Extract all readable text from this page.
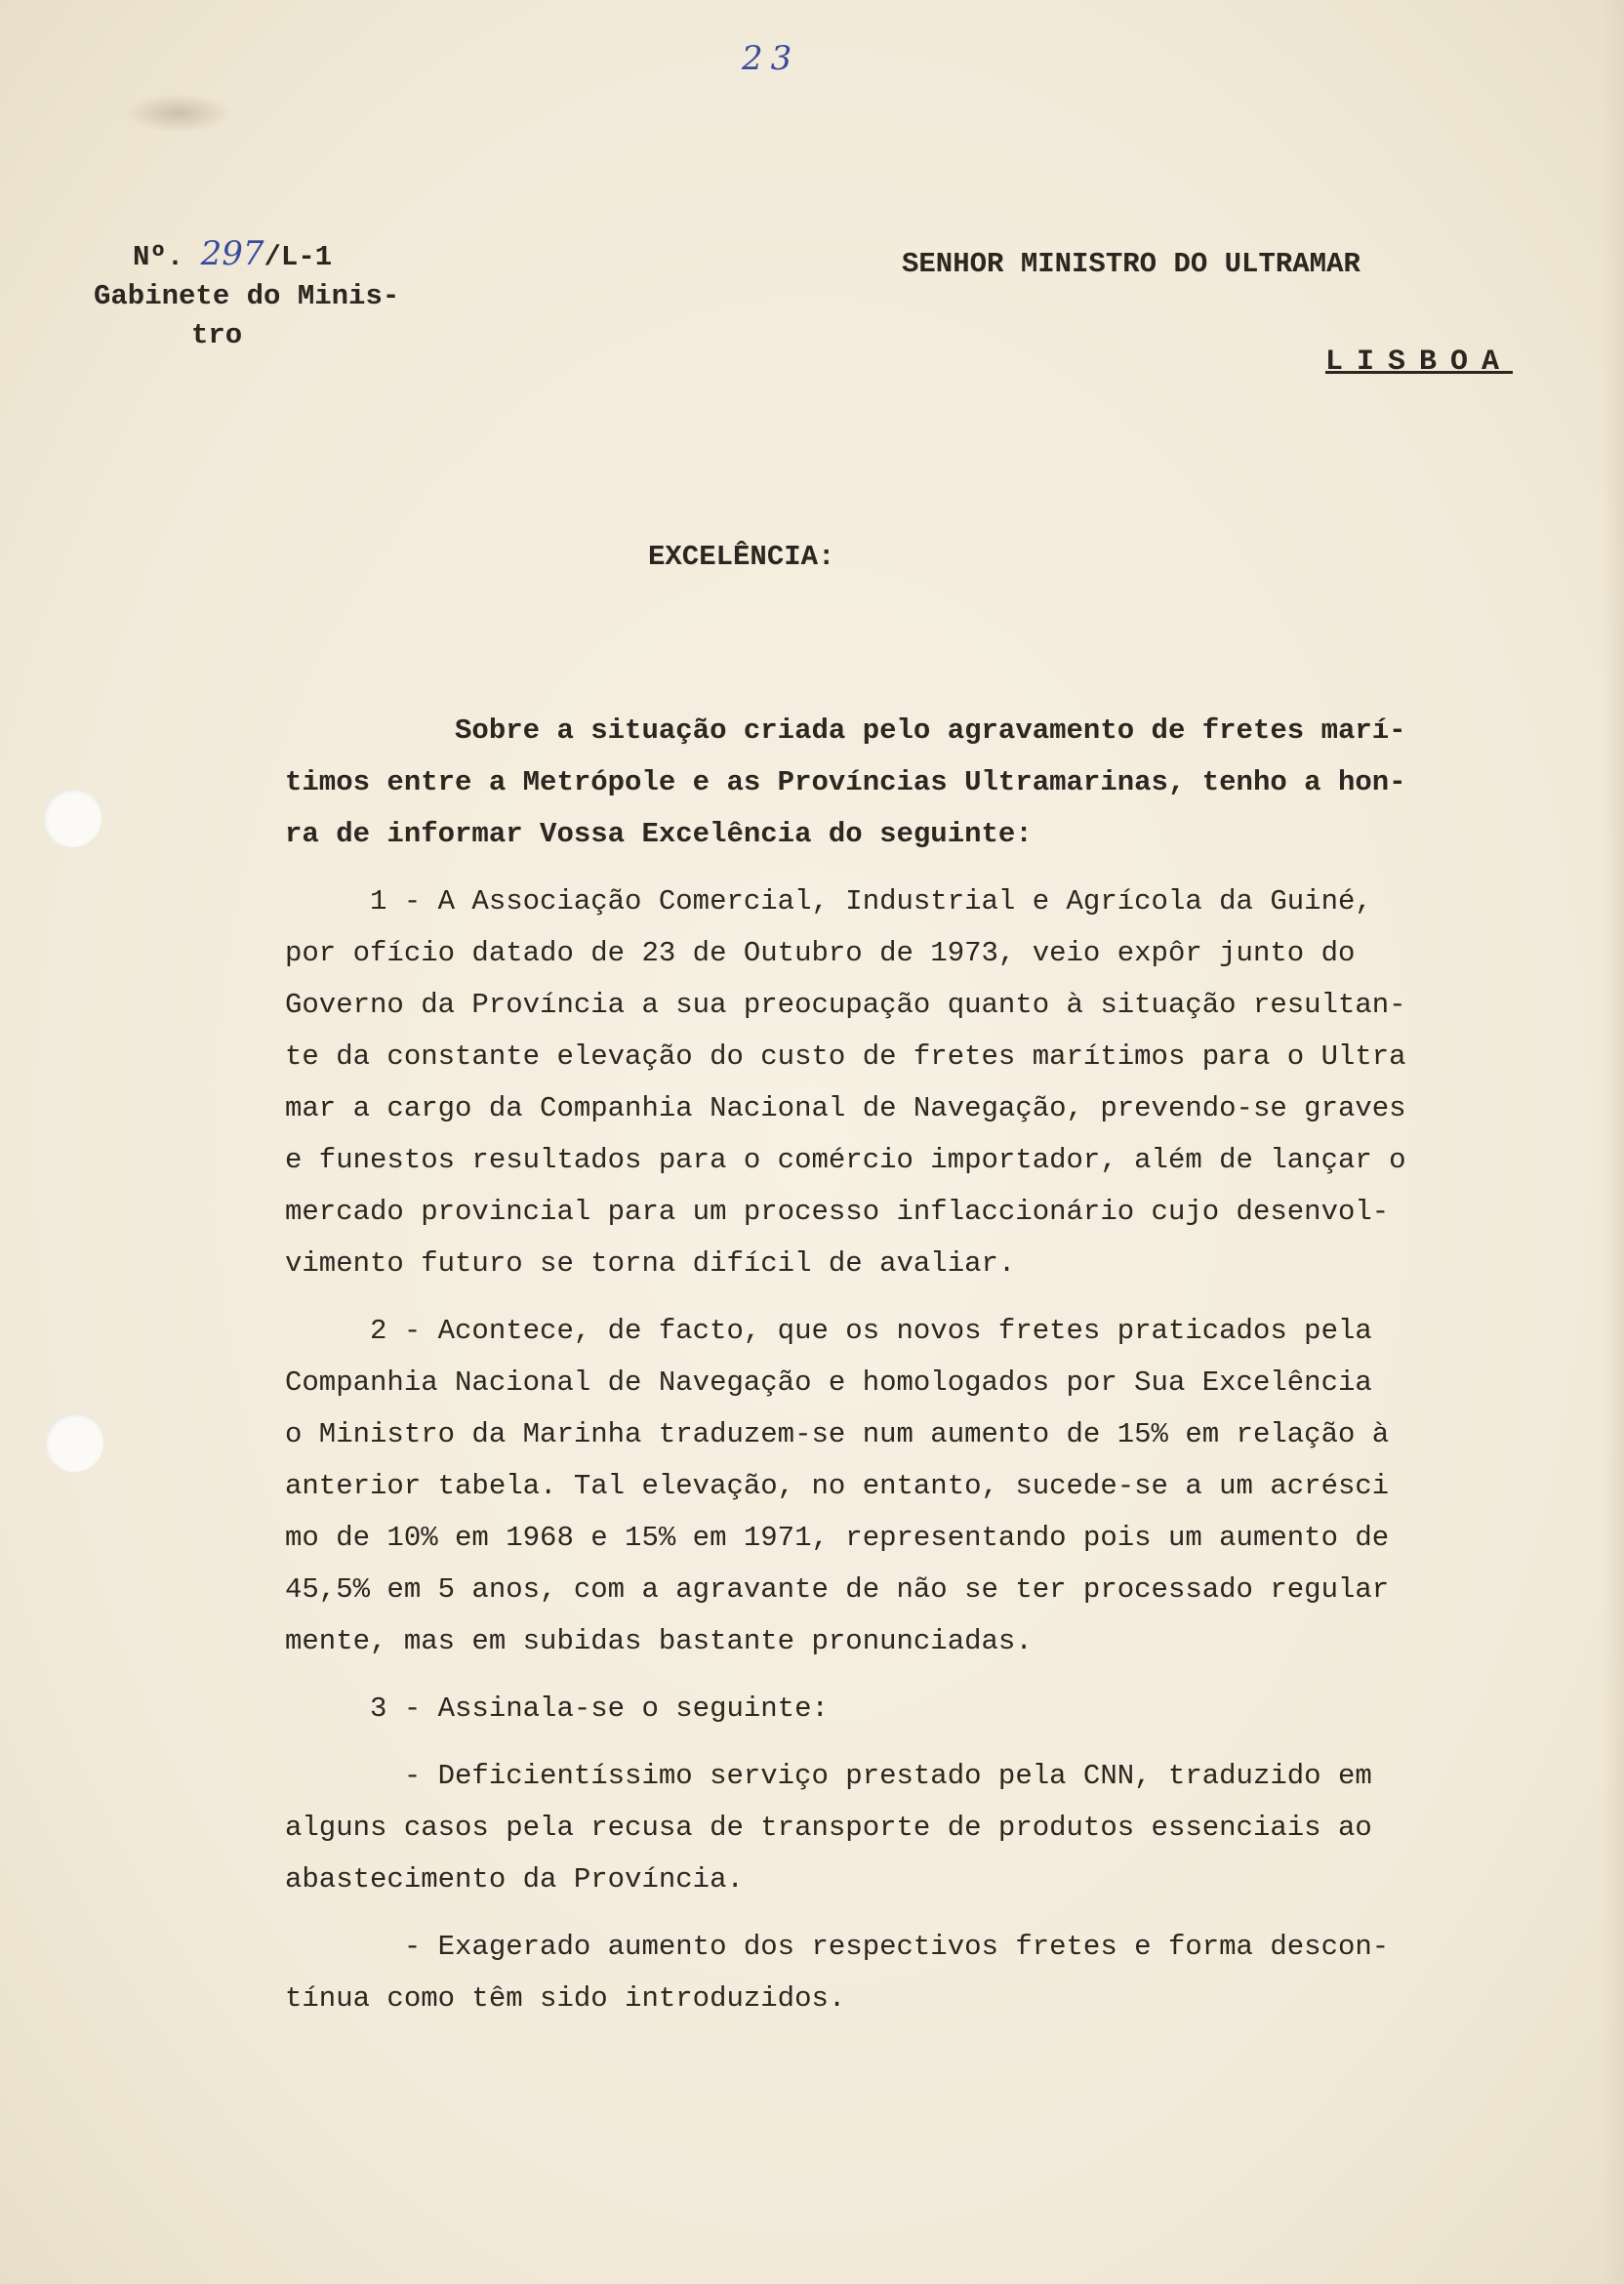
23
Nº. 297/L-1
Gabinete do Minis-
tro
SENHOR MINISTRO DO ULTRAMAR
LISBOA
EXCELÊNCIA:
Sobre a situação criada pelo agravamento de fretes marí-
timos entre a Metrópole e as Províncias Ultramarinas, tenho a hon-
ra de informar Vossa Excelência do seguinte:
1 - A Associação Comercial, Industrial e Agrícola da Guiné,
por ofício datado de 23 de Outubro de 1973, veio expôr junto do
Governo da Província a sua preocupação quanto à situação resultan-
te da constante elevação do custo de fretes marítimos para o Ultra
mar a cargo da Companhia Nacional de Navegação, prevendo-se graves
e funestos resultados para o comércio importador, além de lançar o
mercado provincial para um processo inflaccionário cujo desenvol-
vimento futuro se torna difícil de avaliar.
2 - Acontece, de facto, que os novos fretes praticados pela
Companhia Nacional de Navegação e homologados por Sua Excelência
o Ministro da Marinha traduzem-se num aumento de 15% em relação à
anterior tabela. Tal elevação, no entanto, sucede-se a um acrésci
mo de 10% em 1968 e 15% em 1971, representando pois um aumento de
45,5% em 5 anos, com a agravante de não se ter processado regular
mente, mas em subidas bastante pronunciadas.
3 - Assinala-se o seguinte:
- Deficientíssimo serviço prestado pela CNN, traduzido em
alguns casos pela recusa de transporte de produtos essenciais ao
abastecimento da Província.
- Exagerado aumento dos respectivos fretes e forma descon-
tínua como têm sido introduzidos.
